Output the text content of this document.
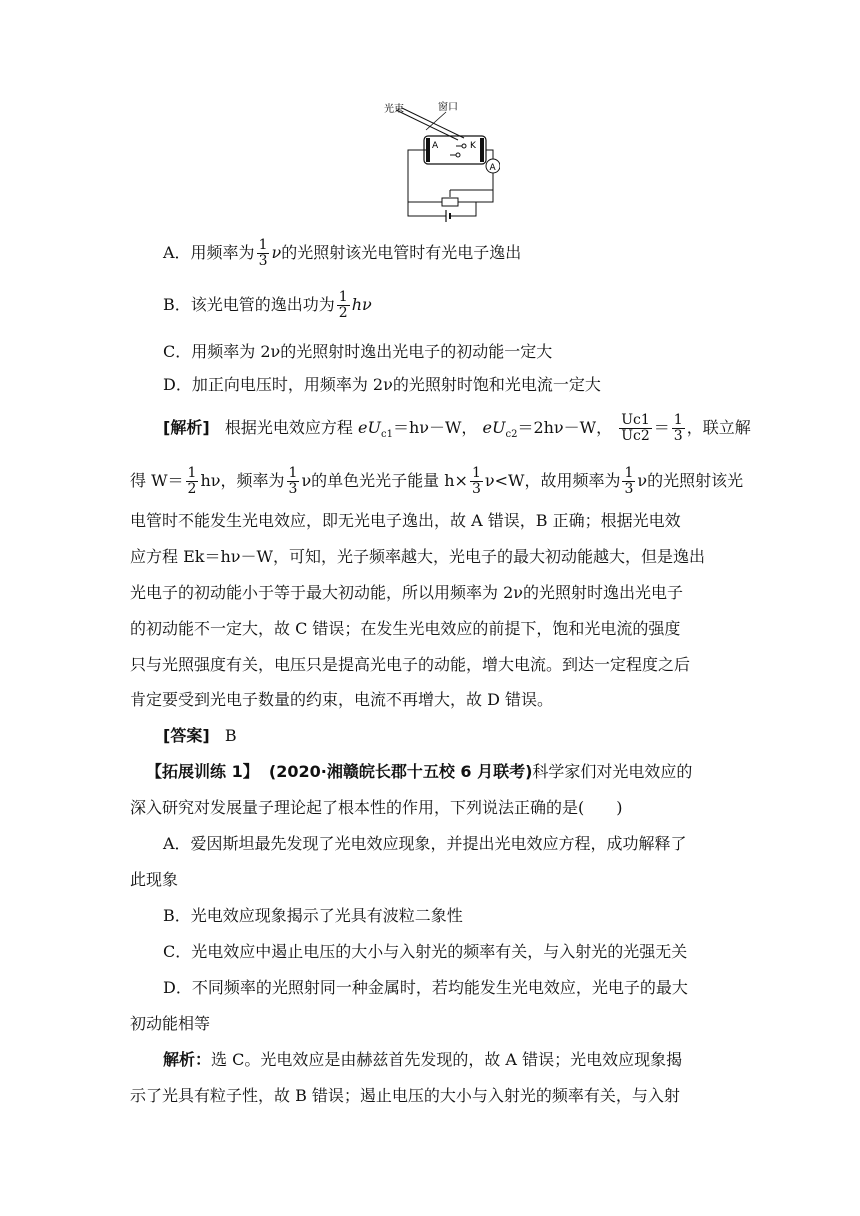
光束	窗口
A	K
A
A．用频率为 $\frac{1}{3}$ ν的光照射该光电管时有光电子逸出
B．该光电管的逸出功为 $\frac{1}{2}$ hν
C．用频率为 2ν的光照射时逸出光电子的初动能一定大
D．加正向电压时，用频率为 2ν的光照射时饱和光电流一定大
[解析] 根据光电效应方程 $eU_{c1}=h\nu-W$， $eU_{c2}=2h\nu-W$， $\frac{Uc1}{Uc2} = \frac{1}{3}$ ，联立解
得 $W= \frac{1}{2}$ hν，频率为 $\frac{1}{3}$ ν的单色光光子能量 $h\times \frac{1}{3} \nu<W$，故用频率为 $\frac{1}{3}$ ν的光照射该光
电管时不能发生光电效应，即无光电子逸出，故 A 错误，B 正确；根据光电效
应方程 Ek＝hν－W，可知，光子频率越大，光电子的最大初动能越大，但是逸出
光电子的初动能小于等于最大初动能，所以用频率为 2ν的光照射时逸出光电子
的初动能不一定大，故 C 错误；在发生光电效应的前提下，饱和光电流的强度
只与光照强度有关，电压只是提高光电子的动能，增大电流。到达一定程度之后
肯定要受到光电子数量的约束，电流不再增大，故 D 错误。
[答案] B
【拓展训练 1】 (2020·湘赣皖长郡十五校 6 月联考)科学家们对光电效应的
深入研究对发展量子理论起了根本性的作用，下列说法正确的是(　　)
A．爱因斯坦最先发现了光电效应现象，并提出光电效应方程，成功解释了
此现象
B．光电效应现象揭示了光具有波粒二象性
C．光电效应中遏止电压的大小与入射光的频率有关，与入射光的光强无关
D．不同频率的光照射同一种金属时，若均能发生光电效应，光电子的最大
初动能相等
解析：选 C。光电效应是由赫兹首先发现的，故 A 错误；光电效应现象揭
示了光具有粒子性，故 B 错误；遏止电压的大小与入射光的频率有关，与入射
